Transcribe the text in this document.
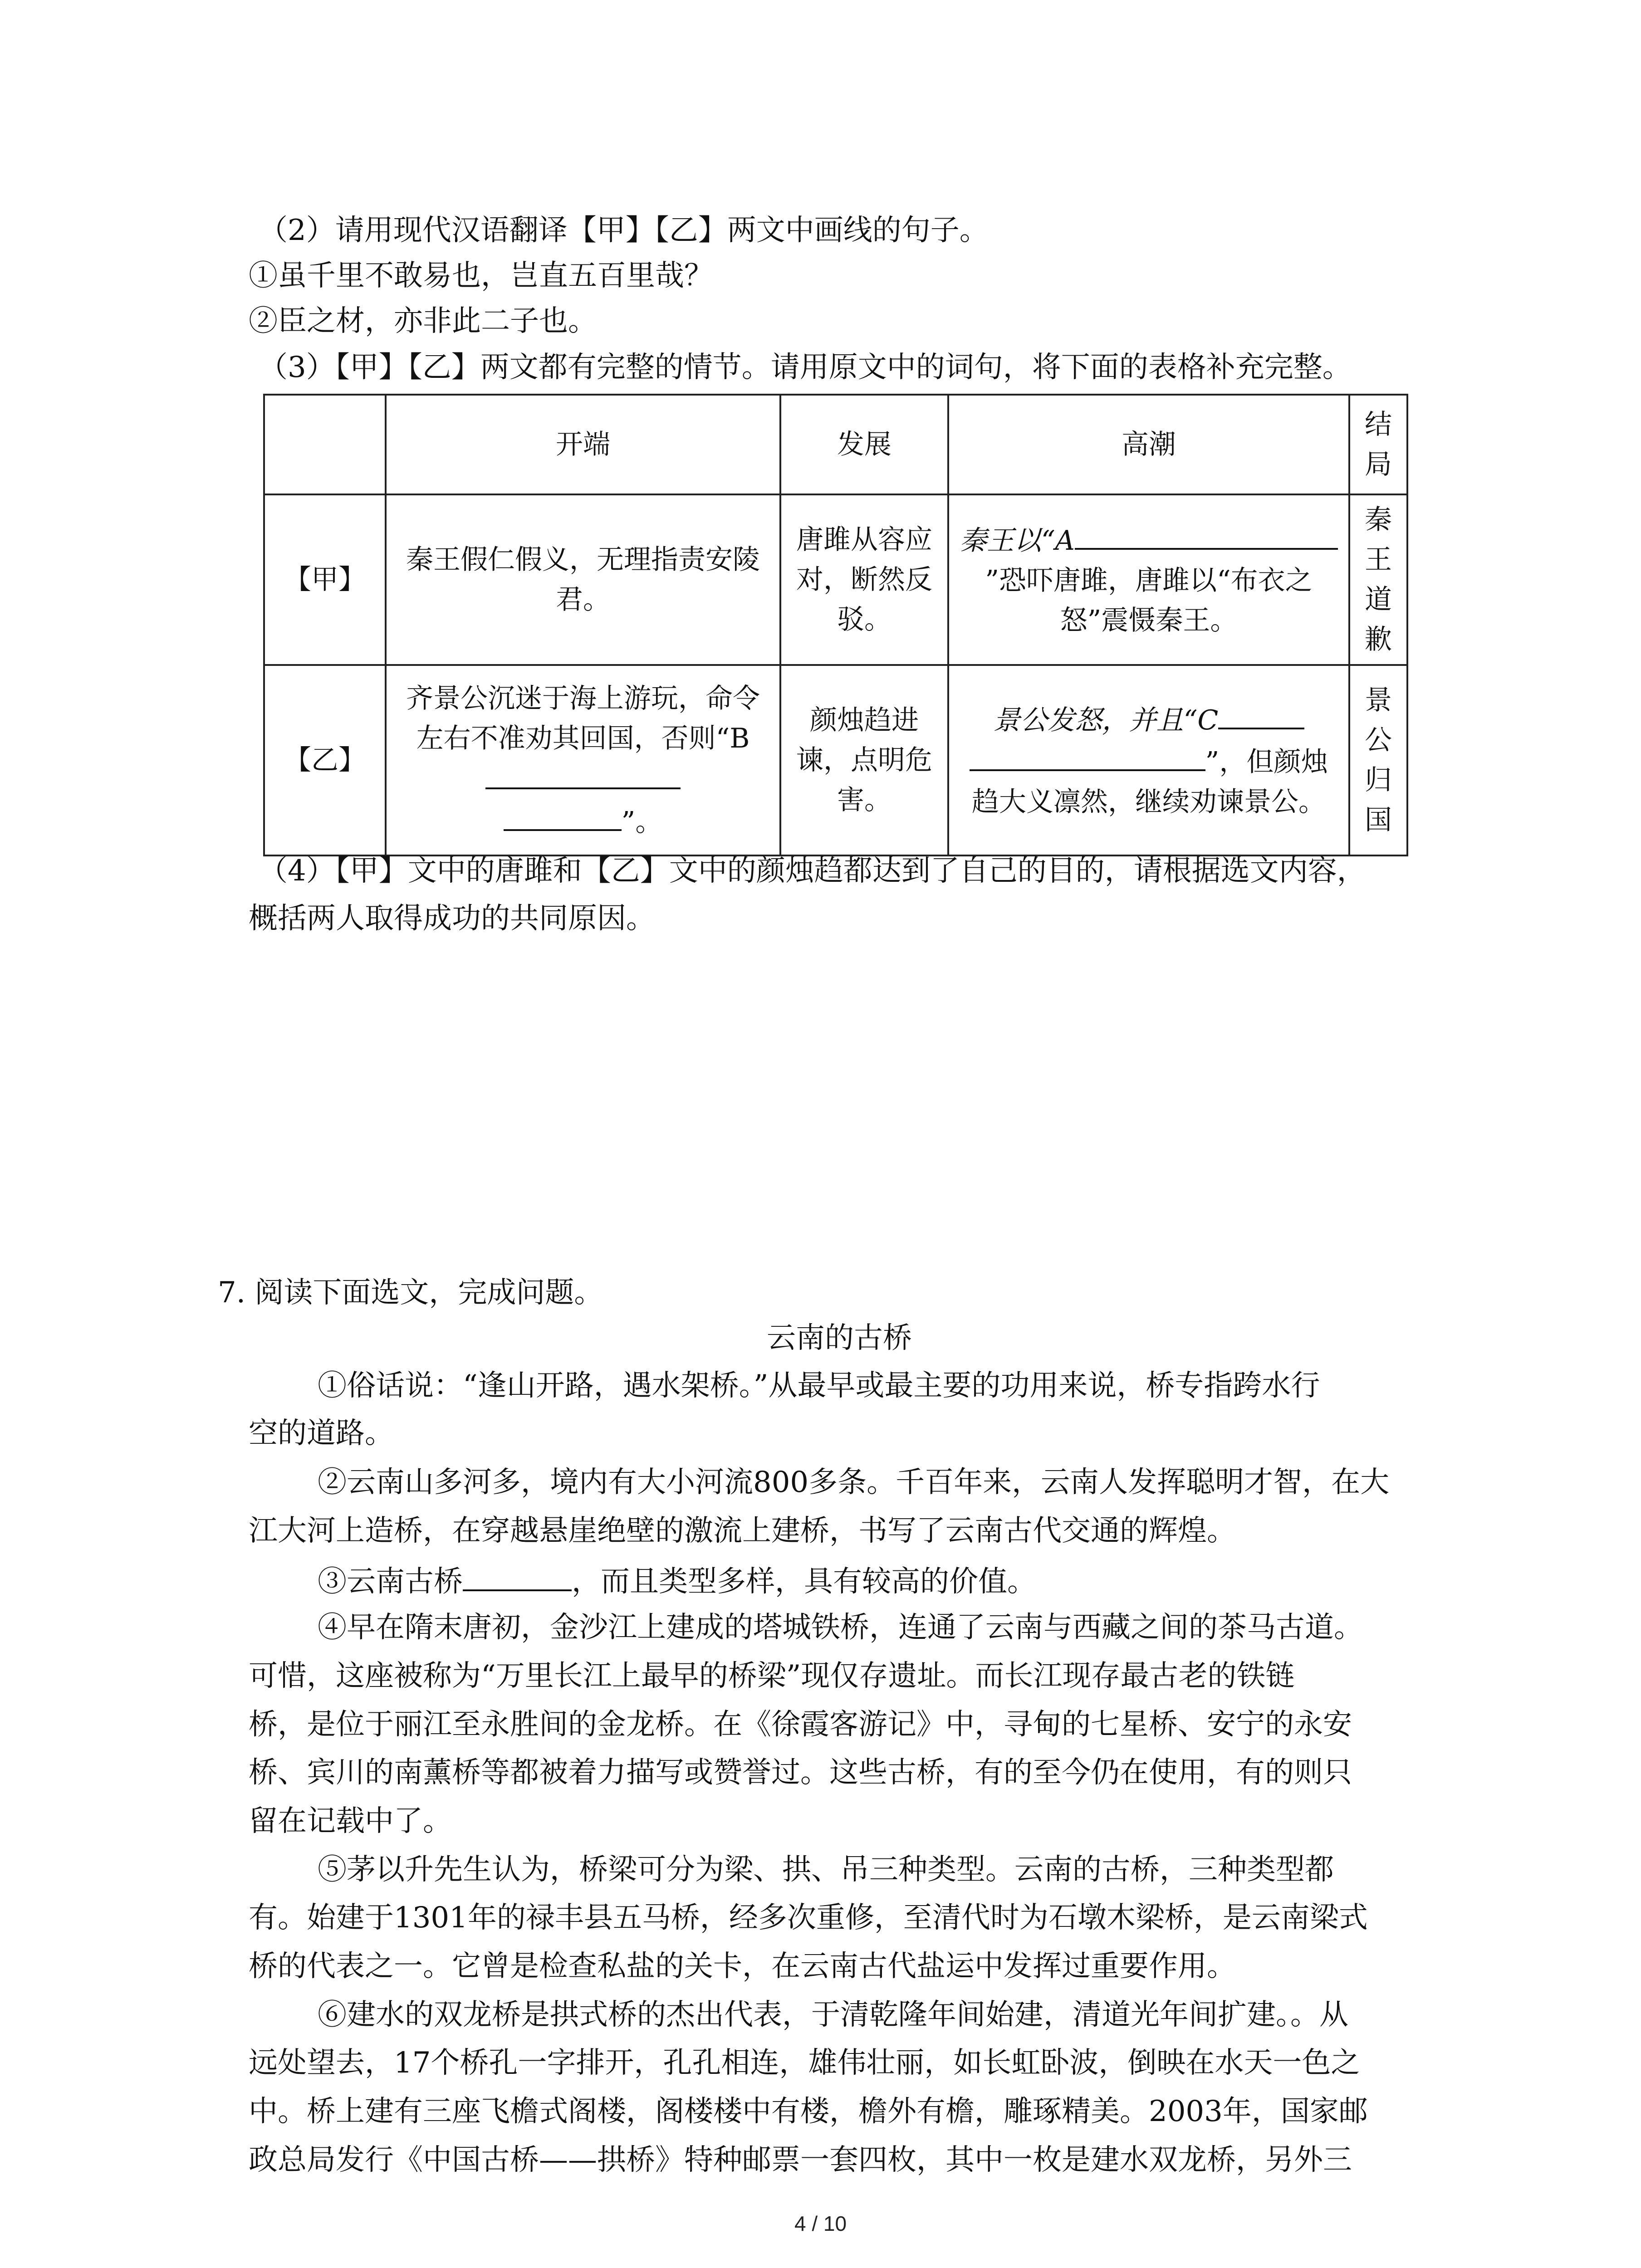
（2）请用现代汉语翻译【甲】【乙】两文中画线的句子。
①虽千里不敢易也，岂直五百里哉？
②臣之材，亦非此二子也。
（3）【甲】【乙】两文都有完整的情节。请用原文中的词句，将下面的表格补充完整。
	开端	发展	高潮	结局
【甲】	秦王假仁假义，无理指责安陵君。	唐雎从容应对，断然反驳。	秦王以“A”恐吓唐雎，唐雎以“布衣之怒”震慑秦王。	秦王道歉
【乙】	齐景公沉迷于海上游玩，命令左右不准劝其回国，否则“B
”。	颜烛趋进谏，点明危害。	景公发怒，并且“C”，但颜烛趋大义凛然，继续劝谏景公。	景公归国
（4）【甲】文中的唐雎和【乙】文中的颜烛趋都达到了自己的目的，请根据选文内容，
概括两人取得成功的共同原因。
7. 阅读下面选文，完成问题。
云南的古桥
①俗话说：“逢山开路，遇水架桥。”从最早或最主要的功用来说，桥专指跨水行
空的道路。
②云南山多河多，境内有大小河流800多条。千百年来，云南人发挥聪明才智，在大
江大河上造桥，在穿越悬崖绝壁的激流上建桥，书写了云南古代交通的辉煌。
③云南古桥	，而且类型多样，具有较高的价值。
④早在隋末唐初，金沙江上建成的塔城铁桥，连通了云南与西藏之间的茶马古道。
可惜，这座被称为“万里长江上最早的桥梁”现仅存遗址。而长江现存最古老的铁链
桥，是位于丽江至永胜间的金龙桥。在《徐霞客游记》中，寻甸的七星桥、安宁的永安
桥、宾川的南薰桥等都被着力描写或赞誉过。这些古桥，有的至今仍在使用，有的则只
留在记载中了。
⑤茅以升先生认为，桥梁可分为梁、拱、吊三种类型。云南的古桥，三种类型都
有。始建于1301年的禄丰县五马桥，经多次重修，至清代时为石墩木梁桥，是云南梁式
桥的代表之一。它曾是检查私盐的关卡，在云南古代盐运中发挥过重要作用。
⑥建水的双龙桥是拱式桥的杰出代表，于清乾隆年间始建，清道光年间扩建。。从
远处望去，17个桥孔一字排开，孔孔相连，雄伟壮丽，如长虹卧波，倒映在水天一色之
中。桥上建有三座飞檐式阁楼，阁楼楼中有楼，檐外有檐，雕琢精美。2003年，国家邮
政总局发行《中国古桥——拱桥》特种邮票一套四枚，其中一枚是建水双龙桥，另外三
4 / 10
